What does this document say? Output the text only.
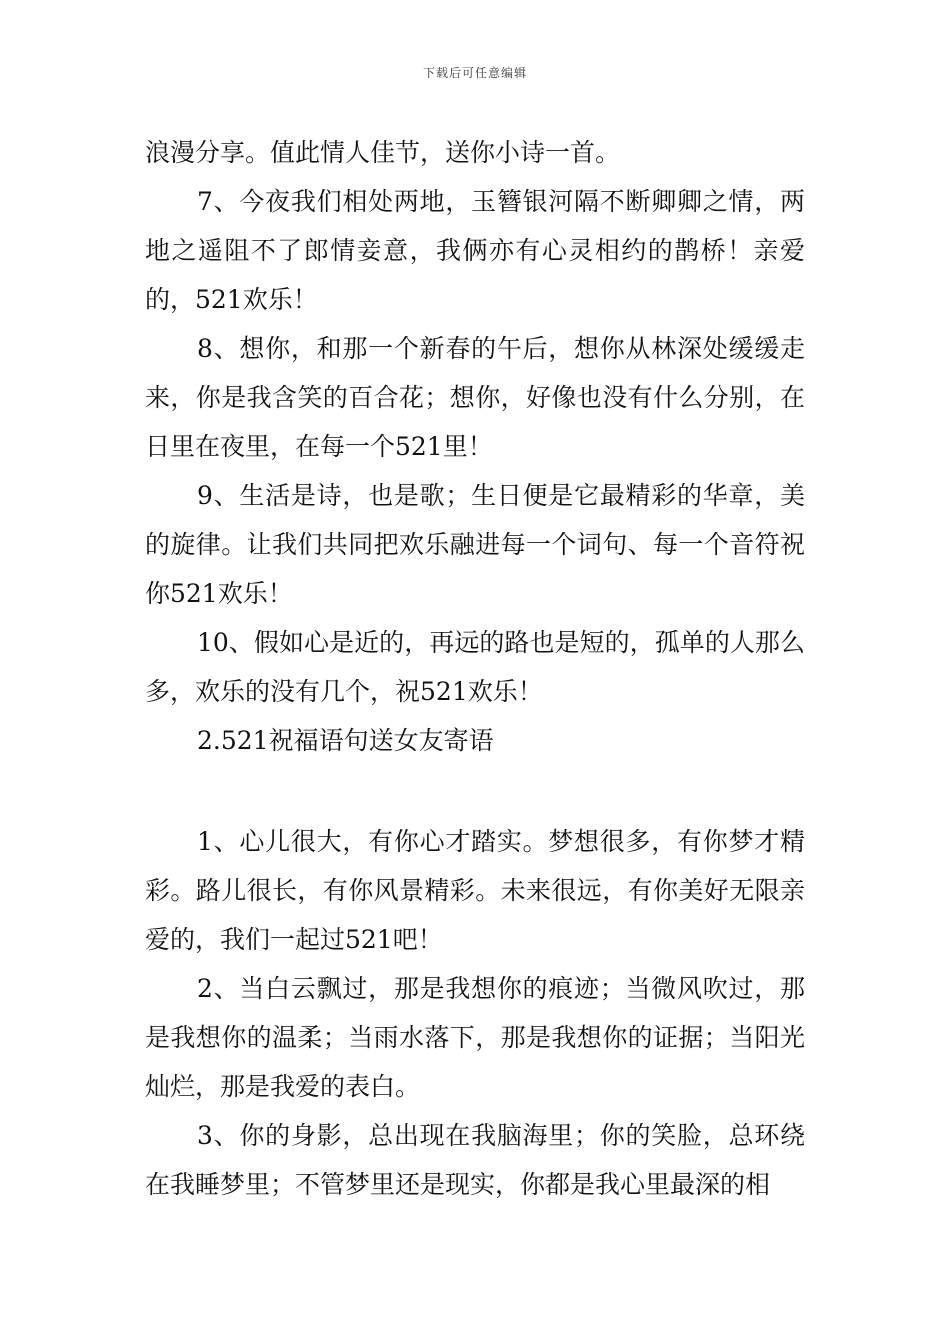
下载后可任意编辑

浪漫分享。值此情人佳节，送你小诗一首。

7、今夜我们相处两地，玉簪银河隔不断卿卿之情，两地之遥阻不了郎情妾意，我俩亦有心灵相约的鹊桥！亲爱的，521欢乐！

8、想你，和那一个新春的午后，想你从林深处缓缓走来，你是我含笑的百合花；想你，好像也没有什么分别，在日里在夜里，在每一个521里！

9、生活是诗，也是歌；生日便是它最精彩的华章，美的旋律。让我们共同把欢乐融进每一个词句、每一个音符祝你521欢乐！

10、假如心是近的，再远的路也是短的，孤单的人那么多，欢乐的没有几个，祝521欢乐！

2.521祝福语句送女友寄语

1、心儿很大，有你心才踏实。梦想很多，有你梦才精彩。路儿很长，有你风景精彩。未来很远，有你美好无限亲爱的，我们一起过521吧！

2、当白云飘过，那是我想你的痕迹；当微风吹过，那是我想你的温柔；当雨水落下，那是我想你的证据；当阳光灿烂，那是我爱的表白。

3、你的身影，总出现在我脑海里；你的笑脸，总环绕在我睡梦里；不管梦里还是现实，你都是我心里最深的相
